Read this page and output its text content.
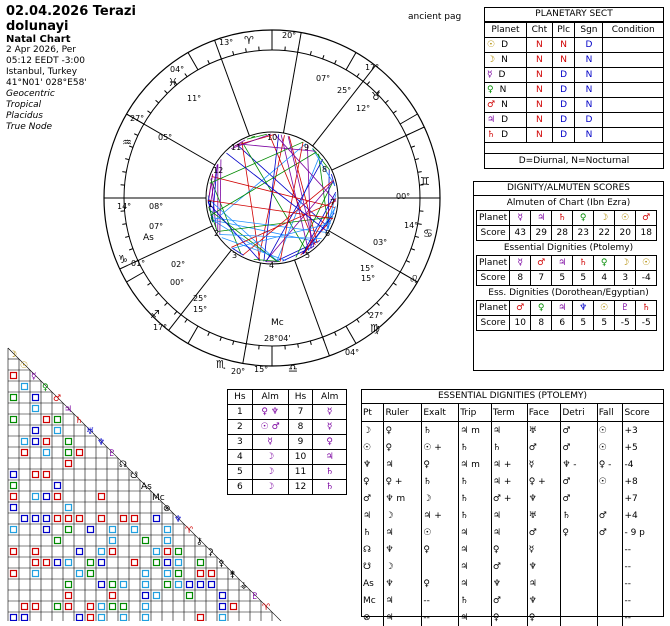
02.04.2026 Terazi dolunayi
Natal Chart
2 Apr 2026, Per
05:12 EEDT -3:00
Istanbul, Turkey
41°N01' 028°E58'
Geocentric
Tropical
Placidus
True Node
ancient pag
00°
14°
27°
04°
15°
20°
17°
01°
14°
27°
04°
13°
20°
17°
07°
25°
12°
11°
05°
08°
07°
02°
00°
25°
15°
03°
15°
15°
28°04'
♉
♊
♋
♌
♍
♎
♏
♐
♑
♒
♓
♈
1
2
3
4
5
6
7
8
9
10
11
12
Mc
As
☽
☉
☿
♀
♂
♃
♄
♅
♆
♇
☊
☋
As
Mc
⊗
♆
♈
⚷
⚳
⚴
⚵
⚶
♇
♈
PLANETARY SECT
Planet	Cht	Plc	Sgn	Condition
☉ D	N	N	D	
☽ N	N	N	N	
☿ D	N	D	N	
♀ N	N	D	N	
♂ N	N	D	N	
♃ D	N	D	D	
♄ D	N	D	N	
D=Diurnal, N=Nocturnal
DIGNITY/ALMUTEN SCORES
Almuten of Chart (Ibn Ezra)
Planet	☿	♃	♄	♀	☽	☉	♂
Score	43	29	28	23	22	20	18
Essential Dignities (Ptolemy)
Planet	☿	♂	♃	♄	♀	☽	☉
Score	8	7	5	5	4	3	-4
Ess. Dignities (Dorothean/Egyptian)
Planet	♂	♀	♃	♆	☉	♇	♄
Score	10	8	6	5	5	-5	-5
Hs	Alm	Hs	Alm
1	♀ ♆	7	☿
2	☉ ♂	8	☿
3	☿	9	♀
4	☽	10	♃
5	☽	11	♄
6	☽	12	♄
ESSENTIAL DIGNITIES (PTOLEMY)
Pt	Ruler	Exalt	Trip	Term	Face	Detri	Fall	Score
☽	♀	♄	♃ m	♃	♅	♂	☉	+3
☉	♀	☉ +	♄	♄	♂	♂	☉	+5
♆	♃	♀	♃ m	♃ +	☿	♆ -	♀ -	-4
♀	♀ +	♄	♄	♃ +	♀ +	♂	☉	+8
♂	♆ m	☽	♄	♂ +	♆	♂		+7
♃	☽	♃ +	♄	♃	♅	♄	♂	+4
♄	♃	☉	♃	♃	♂	♀	♂	- 9 p
☊	♆	♀	♃	♀	☿			--
☋	☽		♃	♂	♆			--
As	♆	♀	♃	♆	♃			--
Mc	♃	--	♄	♂	♆			--
⊗	♃	--	♃	♀	♀			--
